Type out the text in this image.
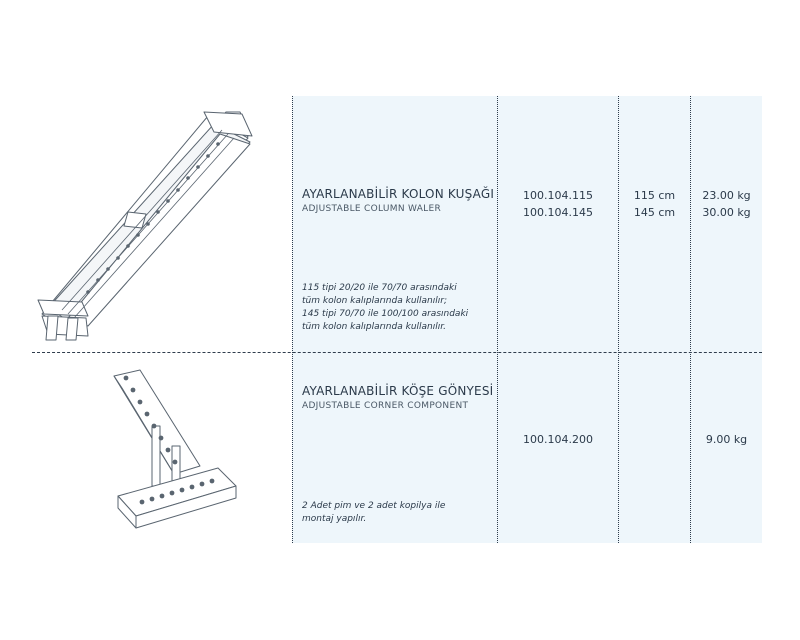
AYARLANABİLİR KOLON KUŞAĞI
ADJUSTABLE COLUMN WALER
115 tipi 20/20 ile 70/70 arasındaki
tüm kolon kalıplarında kullanılır;
145 tipi 70/70 ile 100/100 arasındaki
tüm kolon kalıplarında kullanılır.
100.104.115
100.104.145
115 cm
145 cm
23.00 kg
30.00 kg
AYARLANABİLİR KÖŞE GÖNYESİ
ADJUSTABLE CORNER COMPONENT
2 Adet pim ve 2 adet kopilya ile
montaj yapılır.
100.104.200	9.00 kg
